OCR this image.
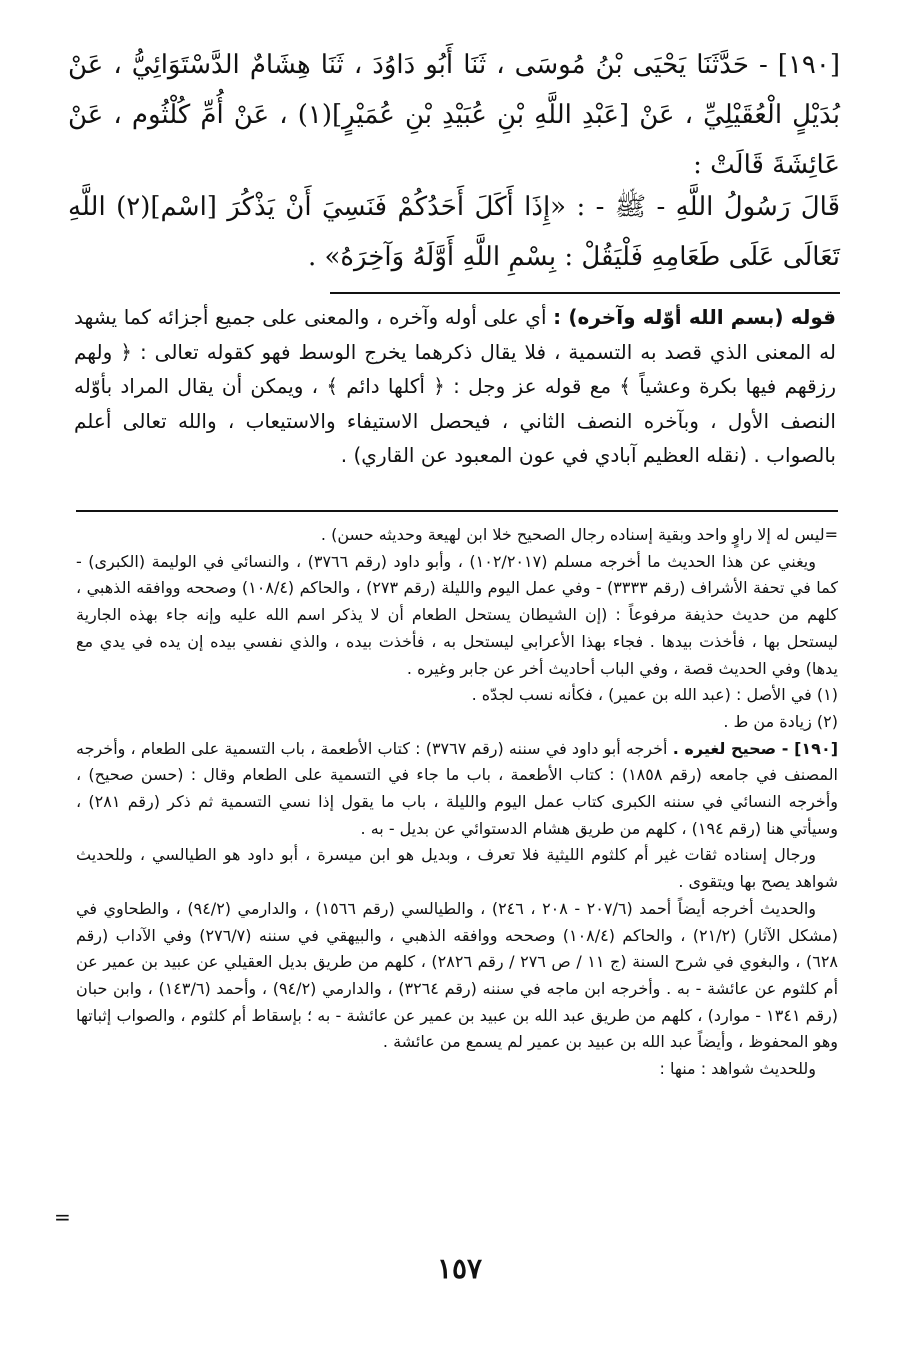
[١٩٠] - حَدَّثَنَا يَحْيَى بْنُ مُوسَى ، ثَنَا أَبُو دَاوُدَ ، ثَنَا هِشَامٌ الدَّسْتَوَائِيُّ ، عَنْ بُدَيْلٍ الْعُقَيْلِيِّ ، عَنْ [عَبْدِ اللَّهِ بْنِ عُبَيْدِ بْنِ عُمَيْرٍ](١) ، عَنْ أُمِّ كُلْثُوم ، عَنْ عَائِشَةَ قَالَتْ :

قَالَ رَسُولُ اللَّهِ - ﷺ - : «إِذَا أَكَلَ أَحَدُكُمْ فَنَسِيَ أَنْ يَذْكُرَ [اسْم](٢) اللَّهِ تَعَالَى عَلَى طَعَامِهِ فَلْيَقُلْ : بِسْمِ اللَّهِ أَوَّلَهُ وَآخِرَهُ» .

قوله (بسم الله أوّله وآخره) : أي على أوله وآخره ، والمعنى على جميع أجزائه كما يشهد له المعنى الذي قصد به التسمية ، فلا يقال ذكرهما يخرج الوسط فهو كقوله تعالى : ﴿ ولهم رزقهم فيها بكرة وعشياً ﴾ مع قوله عز وجل : ﴿ أكلها دائم ﴾ ، ويمكن أن يقال المراد بأوّله النصف الأول ، وبآخره النصف الثاني ، فيحصل الاستيفاء والاستيعاب ، والله تعالى أعلم بالصواب . (نقله العظيم آبادي في عون المعبود عن القاري) .

=ليس له إلا راوٍ واحد وبقية إسناده رجال الصحيح خلا ابن لهيعة وحديثه حسن) .

ويغني عن هذا الحديث ما أخرجه مسلم (١٠٢/٢٠١٧) ، وأبو داود (رقم ٣٧٦٦) ، والنسائي في الوليمة (الكبرى) - كما في تحفة الأشراف (رقم ٣٣٣٣) - وفي عمل اليوم والليلة (رقم ٢٧٣) ، والحاكم (١٠٨/٤) وصححه ووافقه الذهبي ، كلهم من حديث حذيفة مرفوعاً : (إن الشيطان يستحل الطعام أن لا يذكر اسم الله عليه وإنه جاء بهذه الجارية ليستحل بها ، فأخذت بيدها . فجاء بهذا الأعرابي ليستحل به ، فأخذت بيده ، والذي نفسي بيده إن يده في يدي مع يدها) وفي الحديث قصة ، وفي الباب أحاديث أخر عن جابر وغيره .

(١) في الأصل : (عبد الله بن عمير) ، فكأنه نسب لجدّه .

(٢) زيادة من ط .

[١٩٠] - صحيح لغيره . أخرجه أبو داود في سننه (رقم ٣٧٦٧) : كتاب الأطعمة ، باب التسمية على الطعام ، وأخرجه المصنف في جامعه (رقم ١٨٥٨) : كتاب الأطعمة ، باب ما جاء في التسمية على الطعام وقال : (حسن صحيح) ، وأخرجه النسائي في سننه الكبرى كتاب عمل اليوم والليلة ، باب ما يقول إذا نسي التسمية ثم ذكر (رقم ٢٨١) ، وسيأتي هنا (رقم ١٩٤) ، كلهم من طريق هشام الدستوائي عن بديل - به .

ورجال إسناده ثقات غير أم كلثوم الليثية فلا تعرف ، وبديل هو ابن ميسرة ، أبو داود هو الطيالسي ، وللحديث شواهد يصح بها ويتقوى .

والحديث أخرجه أيضاً أحمد (٢٠٧/٦ - ٢٠٨ ، ٢٤٦) ، والطيالسي (رقم ١٥٦٦) ، والدارمي (٩٤/٢) ، والطحاوي في (مشكل الآثار) (٢١/٢) ، والحاكم (١٠٨/٤) وصححه ووافقه الذهبي ، والبيهقي في سننه (٢٧٦/٧) وفي الآداب (رقم ٦٢٨) ، والبغوي في شرح السنة (ج ١١ / ص ٢٧٦ / رقم ٢٨٢٦) ، كلهم من طريق بديل العقيلي عن عبيد بن عمير عن أم كلثوم عن عائشة - به . وأخرجه ابن ماجه في سننه (رقم ٣٢٦٤) ، والدارمي (٩٤/٢) ، وأحمد (١٤٣/٦) ، وابن حبان (رقم ١٣٤١ - موارد) ، كلهم من طريق عبد الله بن عبيد بن عمير عن عائشة - به ؛ بإسقاط أم كلثوم ، والصواب إثباتها وهو المحفوظ ، وأيضاً عبد الله بن عبيد بن عمير لم يسمع من عائشة .

وللحديث شواهد : منها :

=
١٥٧
